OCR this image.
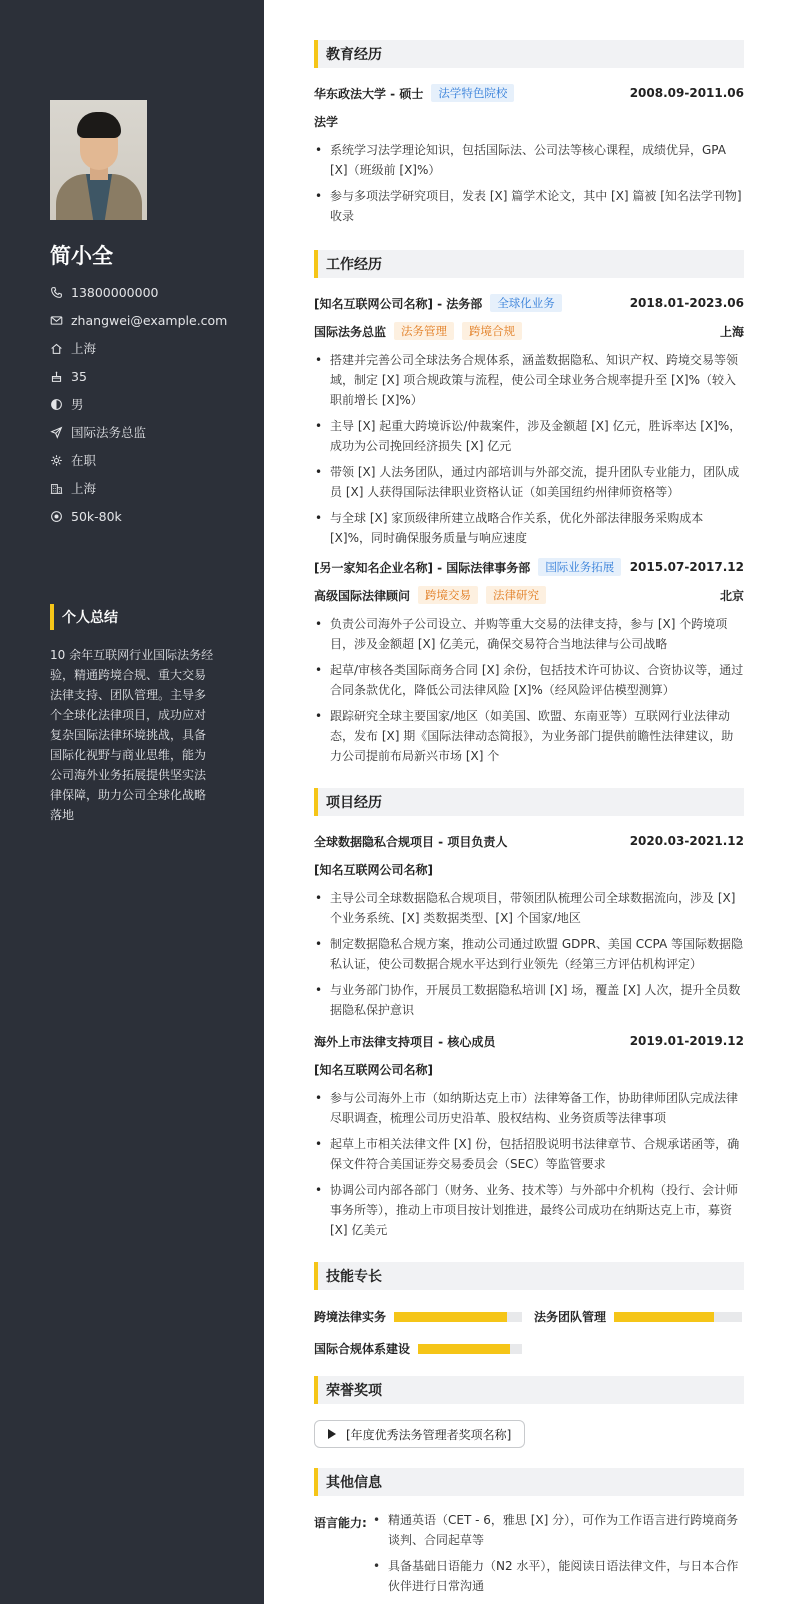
简小全
13800000000
zhangwei@example.com
上海
35
男
国际法务总监
在职
上海
50k-80k
个人总结
10 余年互联网行业国际法务经验，精通跨境合规、重大交易法律支持、团队管理。主导多个全球化法律项目，成功应对复杂国际法律环境挑战，具备国际化视野与商业思维，能为公司海外业务拓展提供坚实法律保障，助力公司全球化战略落地
教育经历
华东政法大学 - 硕士	法学特色院校	2008.09-2011.06
法学
• 系统学习法学理论知识，包括国际法、公司法等核心课程，成绩优异，GPA [X]（班级前 [X]%）
• 参与多项法学研究项目，发表 [X] 篇学术论文，其中 [X] 篇被 [知名法学刊物] 收录
工作经历
[知名互联网公司名称] - 法务部	全球化业务	2018.01-2023.06
国际法务总监	法务管理	跨境合规	上海
• 搭建并完善公司全球法务合规体系，涵盖数据隐私、知识产权、跨境交易等领域，制定 [X] 项合规政策与流程，使公司全球业务合规率提升至 [X]%（较入职前增长 [X]%）
• 主导 [X] 起重大跨境诉讼/仲裁案件，涉及金额超 [X] 亿元，胜诉率达 [X]%，成功为公司挽回经济损失 [X] 亿元
• 带领 [X] 人法务团队，通过内部培训与外部交流，提升团队专业能力，团队成员 [X] 人获得国际法律职业资格认证（如美国纽约州律师资格等）
• 与全球 [X] 家顶级律所建立战略合作关系，优化外部法律服务采购成本 [X]%，同时确保服务质量与响应速度
[另一家知名企业名称] - 国际法律事务部	国际业务拓展	2015.07-2017.12
高级国际法律顾问	跨境交易	法律研究	北京
• 负责公司海外子公司设立、并购等重大交易的法律支持，参与 [X] 个跨境项目，涉及金额超 [X] 亿美元，确保交易符合当地法律与公司战略
• 起草/审核各类国际商务合同 [X] 余份，包括技术许可协议、合资协议等，通过合同条款优化，降低公司法律风险 [X]%（经风险评估模型测算）
• 跟踪研究全球主要国家/地区（如美国、欧盟、东南亚等）互联网行业法律动态，发布 [X] 期《国际法律动态简报》，为业务部门提供前瞻性法律建议，助力公司提前布局新兴市场 [X] 个
项目经历
全球数据隐私合规项目 - 项目负责人	2020.03-2021.12
[知名互联网公司名称]
• 主导公司全球数据隐私合规项目，带领团队梳理公司全球数据流向，涉及 [X] 个业务系统、[X] 类数据类型、[X] 个国家/地区
• 制定数据隐私合规方案，推动公司通过欧盟 GDPR、美国 CCPA 等国际数据隐私认证，使公司数据合规水平达到行业领先（经第三方评估机构评定）
• 与业务部门协作，开展员工数据隐私培训 [X] 场，覆盖 [X] 人次，提升全员数据隐私保护意识
海外上市法律支持项目 - 核心成员	2019.01-2019.12
[知名互联网公司名称]
• 参与公司海外上市（如纳斯达克上市）法律筹备工作，协助律师团队完成法律尽职调查，梳理公司历史沿革、股权结构、业务资质等法律事项
• 起草上市相关法律文件 [X] 份，包括招股说明书法律章节、合规承诺函等，确保文件符合美国证券交易委员会（SEC）等监管要求
• 协调公司内部各部门（财务、业务、技术等）与外部中介机构（投行、会计师事务所等），推动上市项目按计划推进，最终公司成功在纳斯达克上市，募资 [X] 亿美元
技能专长
跨境法律实务	法务团队管理
国际合规体系建设
荣誉奖项
[年度优秀法务管理者奖项名称]
其他信息
语言能力:
•	精通英语（CET - 6，雅思 [X] 分），可作为工作语言进行跨境商务谈判、合同起草等
• 具备基础日语能力（N2 水平），能阅读日语法律文件，与日本合作伙伴进行日常沟通
